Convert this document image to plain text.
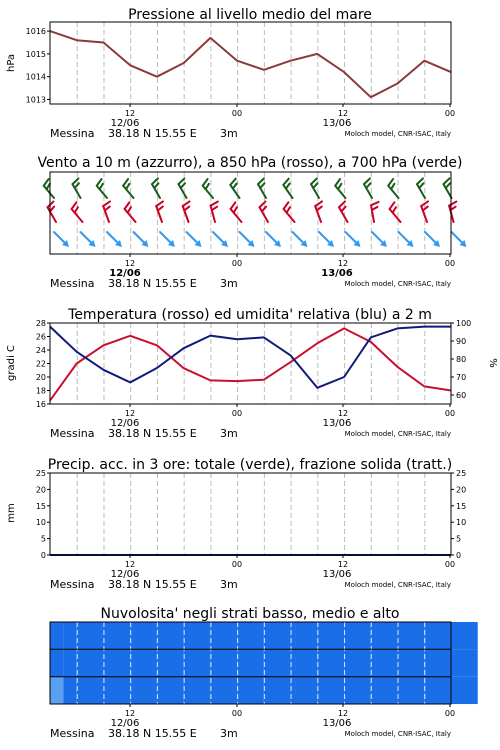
Pressione al livello medio del mare
hPa
1013
1014
1015
1016
12	00	12	00
12/06	13/06
Messina 38.18 N 15.55 E 3m	Moloch model, CNR-ISAC, Italy
Vento a 10 m (azzurro), a 850 hPa (rosso), a 700 hPa (verde)
12	00	12	00
12/06	13/06
Messina 38.18 N 15.55 E 3m	Moloch model, CNR-ISAC, Italy
Temperatura (rosso) ed umidita' relativa (blu) a 2 m
gradi C	%
16
18
20
22
24
26
28
60
70
80
90
100
12	00	12	00
12/06	13/06
Messina 38.18 N 15.55 E 3m	Moloch model, CNR-ISAC, Italy
Precip. acc. in 3 ore: totale (verde), frazione solida (tratt.)
mm
0
5
10
15
20
25
0
5
10
15
20
25
12	00	12	00
12/06	13/06
Messina 38.18 N 15.55 E 3m	Moloch model, CNR-ISAC, Italy
Nuvolosita' negli strati basso, medio e alto
12	00	12	00
12/06	13/06
Messina 38.18 N 15.55 E 3m	Moloch model, CNR-ISAC, Italy
